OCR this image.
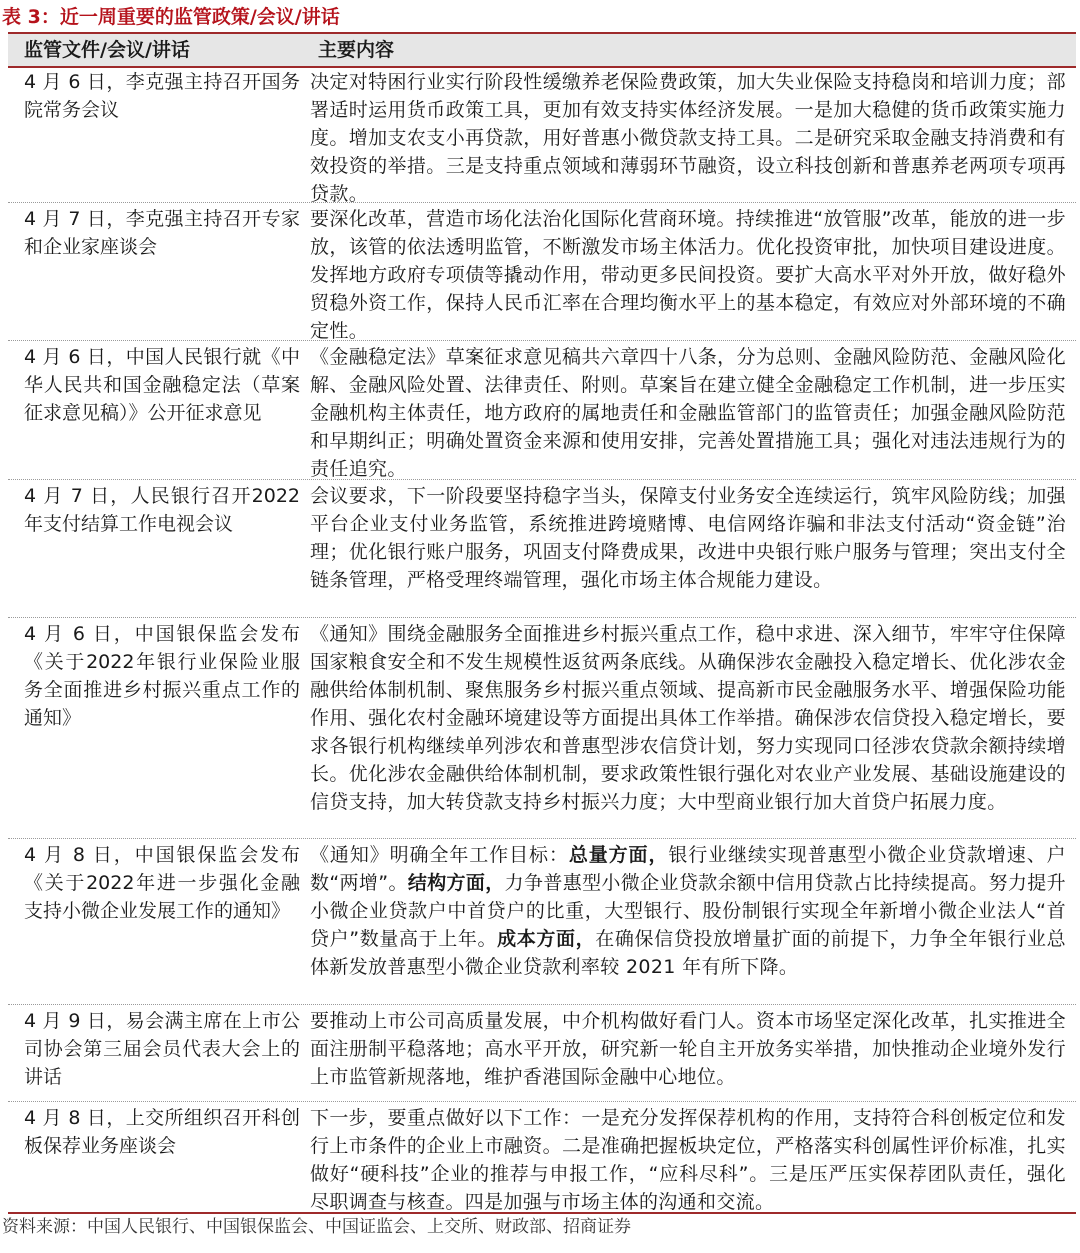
表 3：近一周重要的监管政策/会议/讲话
监管文件/会议/讲话	主要内容
4 月 6 日，李克强主持召开国务院常务会议
决定对特困行业实行阶段性缓缴养老保险费政策，加大失业保险支持稳岗和培训力度；部署适时运用货币政策工具，更加有效支持实体经济发展。一是加大稳健的货币政策实施力度。增加支农支小再贷款，用好普惠小微贷款支持工具。二是研究采取金融支持消费和有效投资的举措。三是支持重点领域和薄弱环节融资，设立科技创新和普惠养老两项专项再贷款。
4 月 7 日，李克强主持召开专家和企业家座谈会
要深化改革，营造市场化法治化国际化营商环境。持续推进“放管服”改革，能放的进一步放，该管的依法透明监管，不断激发市场主体活力。优化投资审批，加快项目建设进度。发挥地方政府专项债等撬动作用，带动更多民间投资。要扩大高水平对外开放，做好稳外贸稳外资工作，保持人民币汇率在合理均衡水平上的基本稳定，有效应对外部环境的不确定性。
4 月 6 日，中国人民银行就《中华人民共和国金融稳定法（草案征求意见稿）》公开征求意见
《金融稳定法》草案征求意见稿共六章四十八条，分为总则、金融风险防范、金融风险化解、金融风险处置、法律责任、附则。草案旨在建立健全金融稳定工作机制，进一步压实金融机构主体责任，地方政府的属地责任和金融监管部门的监管责任；加强金融风险防范和早期纠正；明确处置资金来源和使用安排，完善处置措施工具；强化对违法违规行为的责任追究。
4 月 7 日，人民银行召开2022 年支付结算工作电视会议
会议要求，下一阶段要坚持稳字当头，保障支付业务安全连续运行，筑牢风险防线；加强平台企业支付业务监管，系统推进跨境赌博、电信网络诈骗和非法支付活动“资金链”治理；优化银行账户服务，巩固支付降费成果，改进中央银行账户服务与管理；突出支付全链条管理，严格受理终端管理，强化市场主体合规能力建设。
4 月 6 日，中国银保监会发布《关于2022年银行业保险业服务全面推进乡村振兴重点工作的通知》
《通知》围绕金融服务全面推进乡村振兴重点工作，稳中求进、深入细节，牢牢守住保障国家粮食安全和不发生规模性返贫两条底线。从确保涉农金融投入稳定增长、优化涉农金融供给体制机制、聚焦服务乡村振兴重点领域、提高新市民金融服务水平、增强保险功能作用、强化农村金融环境建设等方面提出具体工作举措。确保涉农信贷投入稳定增长，要求各银行机构继续单列涉农和普惠型涉农信贷计划，努力实现同口径涉农贷款余额持续增长。优化涉农金融供给体制机制，要求政策性银行强化对农业产业发展、基础设施建设的信贷支持，加大转贷款支持乡村振兴力度；大中型商业银行加大首贷户拓展力度。
4 月 8 日，中国银保监会发布《关于2022年进一步强化金融支持小微企业发展工作的通知》
《通知》明确全年工作目标：总量方面，银行业继续实现普惠型小微企业贷款增速、户数“两增”。结构方面，力争普惠型小微企业贷款余额中信用贷款占比持续提高。努力提升小微企业贷款户中首贷户的比重，大型银行、股份制银行实现全年新增小微企业法人“首贷户”数量高于上年。成本方面，在确保信贷投放增量扩面的前提下，力争全年银行业总体新发放普惠型小微企业贷款利率较 2021 年有所下降。
4 月 9 日，易会满主席在上市公司协会第三届会员代表大会上的讲话
要推动上市公司高质量发展，中介机构做好看门人。资本市场坚定深化改革，扎实推进全面注册制平稳落地；高水平开放，研究新一轮自主开放务实举措，加快推动企业境外发行上市监管新规落地，维护香港国际金融中心地位。
4 月 8 日，上交所组织召开科创板保荐业务座谈会
下一步，要重点做好以下工作：一是充分发挥保荐机构的作用，支持符合科创板定位和发行上市条件的企业上市融资。二是准确把握板块定位，严格落实科创属性评价标准，扎实做好“硬科技”企业的推荐与申报工作，“应科尽科”。三是压严压实保荐团队责任，强化尽职调查与核查。四是加强与市场主体的沟通和交流。
资料来源：中国人民银行、中国银保监会、中国证监会、上交所、财政部、招商证券
